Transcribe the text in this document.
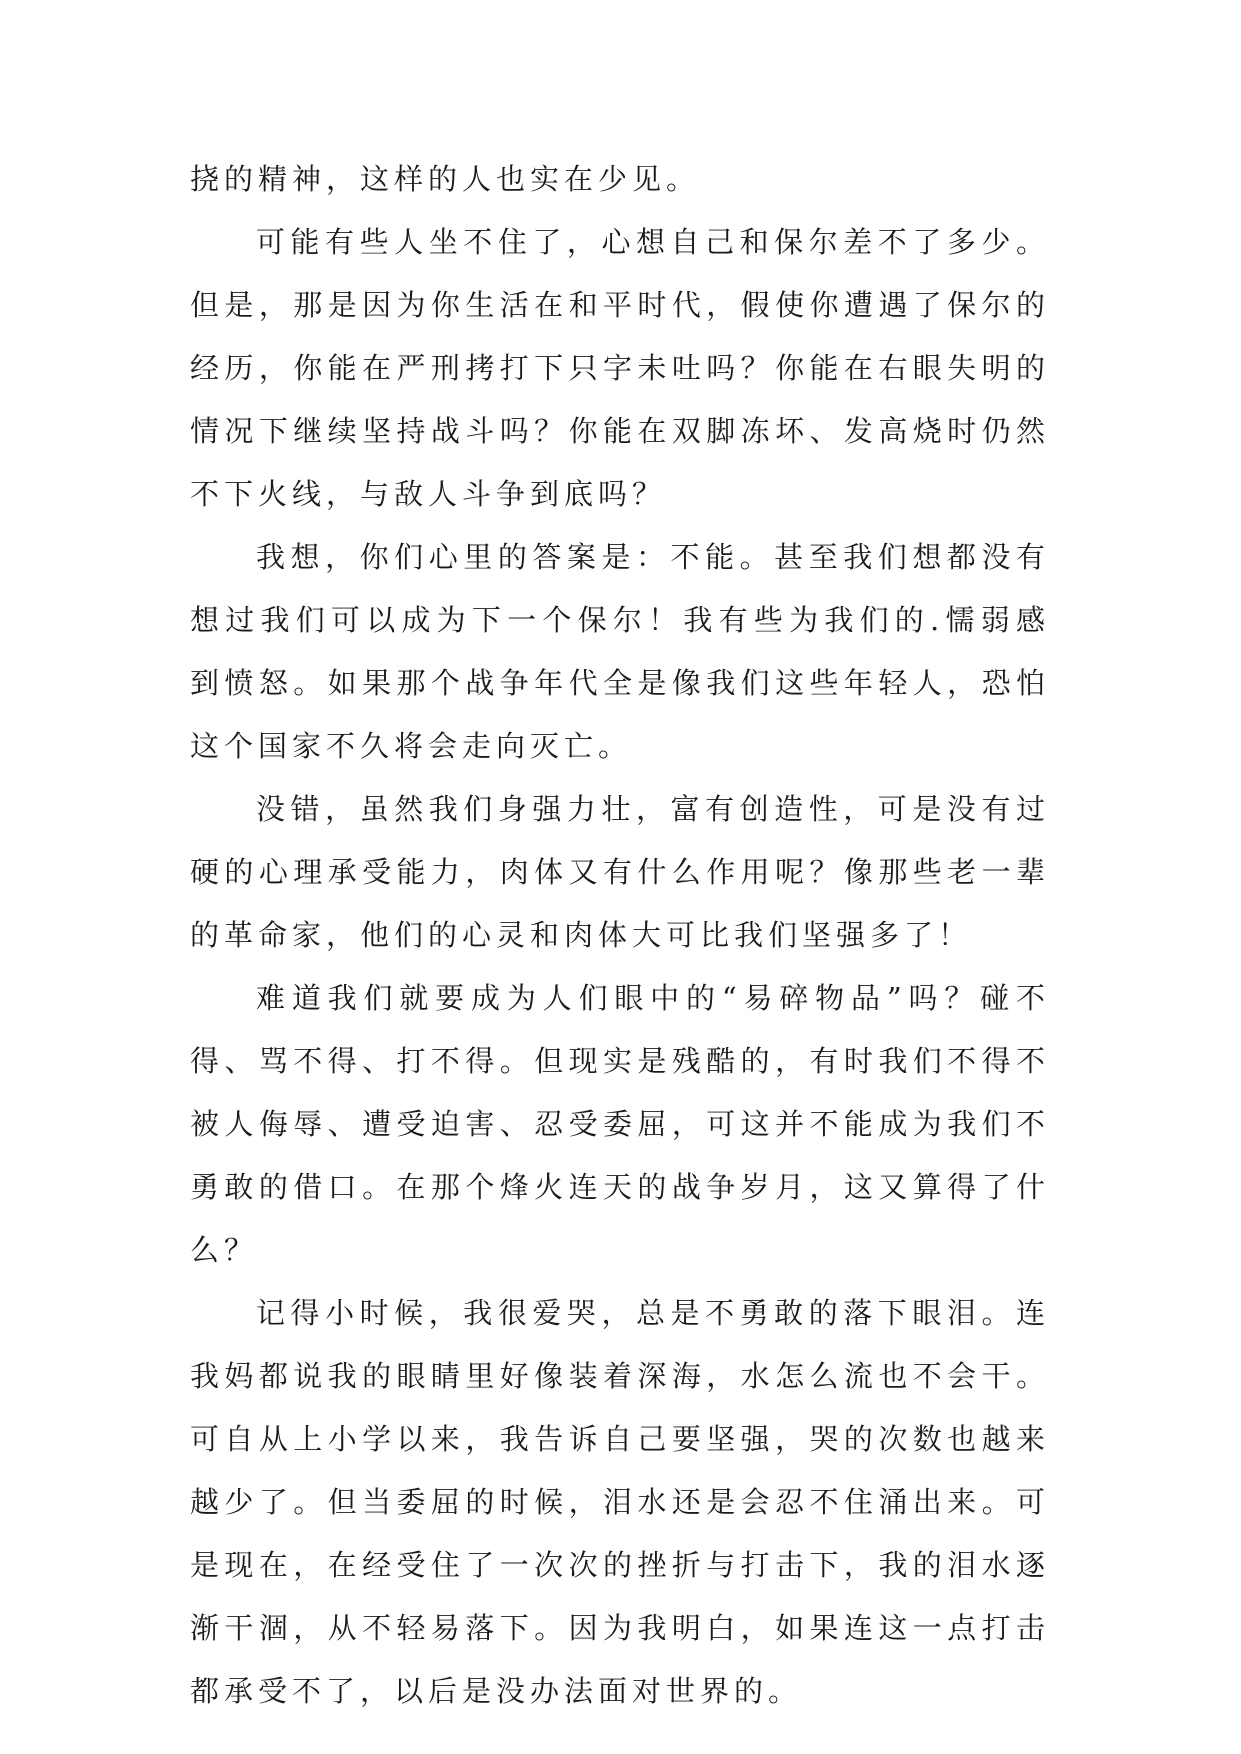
挠的精神，这样的人也实在少见。

可能有些人坐不住了，心想自己和保尔差不了多少。但是，那是因为你生活在和平时代，假使你遭遇了保尔的经历，你能在严刑拷打下只字未吐吗？你能在右眼失明的情况下继续坚持战斗吗？你能在双脚冻坏、发高烧时仍然不下火线，与敌人斗争到底吗？

我想，你们心里的答案是：不能。甚至我们想都没有想过我们可以成为下一个保尔！我有些为我们的.懦弱感到愤怒。如果那个战争年代全是像我们这些年轻人，恐怕这个国家不久将会走向灭亡。

没错，虽然我们身强力壮，富有创造性，可是没有过硬的心理承受能力，肉体又有什么作用呢？像那些老一辈的革命家，他们的心灵和肉体大可比我们坚强多了！

难道我们就要成为人们眼中的“易碎物品”吗？碰不得、骂不得、打不得。但现实是残酷的，有时我们不得不被人侮辱、遭受迫害、忍受委屈，可这并不能成为我们不勇敢的借口。在那个烽火连天的战争岁月，这又算得了什么？

记得小时候，我很爱哭，总是不勇敢的落下眼泪。连我妈都说我的眼睛里好像装着深海，水怎么流也不会干。可自从上小学以来，我告诉自己要坚强，哭的次数也越来越少了。但当委屈的时候，泪水还是会忍不住涌出来。可是现在，在经受住了一次次的挫折与打击下，我的泪水逐渐干涸，从不轻易落下。因为我明白，如果连这一点打击都承受不了，以后是没办法面对世界的。
